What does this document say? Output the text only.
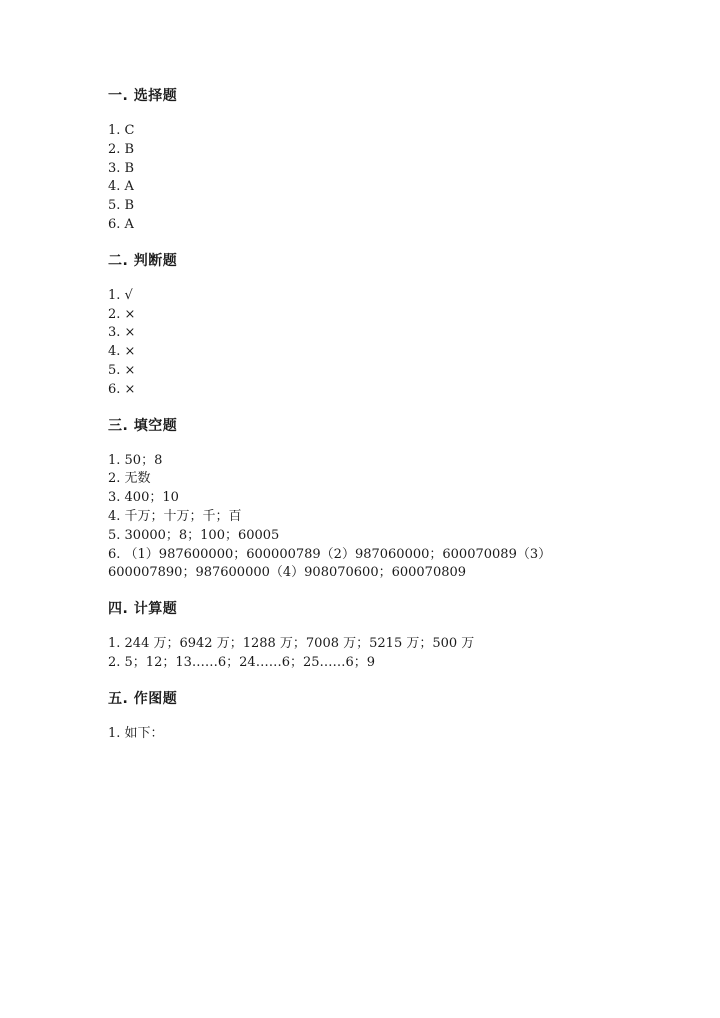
一. 选择题
1. C
2. B
3. B
4. A
5. B
6. A
二. 判断题
1. √
2. ×
3. ×
4. ×
5. ×
6. ×
三. 填空题
1. 50；8
2. 无数
3. 400；10
4. 千万；十万；千；百
5. 30000；8；100；60005
6. （1）987600000；600000789（2）987060000；600070089（3）600007890；987600000（4）908070600；600070809
四. 计算题
1. 244 万；6942 万；1288 万；7008 万；5215 万；500 万
2. 5；12；13……6；24……6；25……6；9
五. 作图题
1. 如下：
